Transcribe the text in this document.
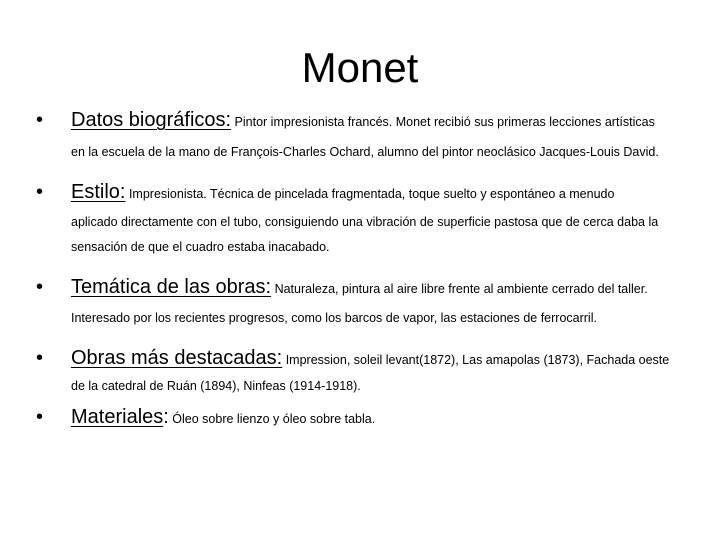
Monet
• Datos biográficos: Pintor impresionista francés. Monet recibió sus primeras lecciones artísticas
en la escuela de la mano de François-Charles Ochard, alumno del pintor neoclásico Jacques-Louis David.
• Estilo: Impresionista. Técnica de pincelada fragmentada, toque suelto y espontáneo a menudo
aplicado directamente con el tubo, consiguiendo una vibración de superficie pastosa que de cerca daba la
sensación de que el cuadro estaba inacabado.
• Temática de las obras: Naturaleza, pintura al aire libre frente al ambiente cerrado del taller.
Interesado por los recientes progresos, como los barcos de vapor, las estaciones de ferrocarril.
• Obras más destacadas: Impression, soleil levant(1872), Las amapolas (1873), Fachada oeste
de la catedral de Ruán (1894), Ninfeas (1914-1918).
• Materiales: Óleo sobre lienzo y óleo sobre tabla.
